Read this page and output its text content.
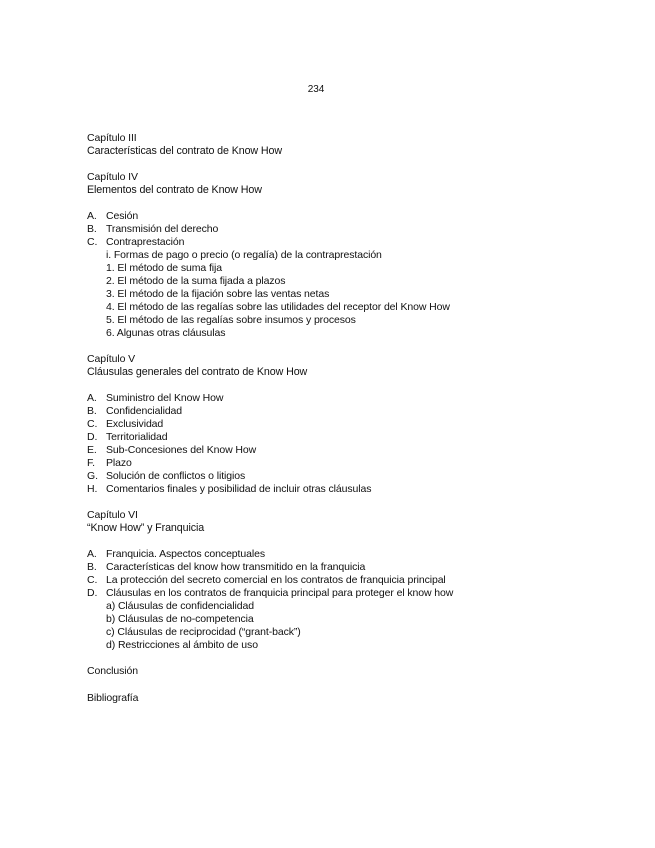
234
Capítulo III
Características del contrato de Know How
Capítulo IV
Elementos del contrato de Know How
A. Cesión
B. Transmisión del derecho
C. Contraprestación
i. Formas de pago o precio (o regalía) de la contraprestación
1. El método de suma fija
2. El método de la suma fijada a plazos
3. El método de la fijación sobre las ventas netas
4. El método de las regalías sobre las utilidades del receptor del Know How
5. El método de las regalías sobre insumos y procesos
6. Algunas otras cláusulas
Capítulo V
Cláusulas generales del contrato de Know How
A. Suministro del Know How
B. Confidencialidad
C. Exclusividad
D. Territorialidad
E. Sub-Concesiones del Know How
F. Plazo
G. Solución de conflictos o litigios
H. Comentarios finales y posibilidad de incluir otras cláusulas
Capítulo VI
“Know How” y Franquicia
A. Franquicia. Aspectos conceptuales
B. Características del know how transmitido en la franquicia
C. La protección del secreto comercial en los contratos de franquicia principal
D. Cláusulas en los contratos de franquicia principal para proteger el know how
a) Cláusulas de confidencialidad
b) Cláusulas de no-competencia
c) Cláusulas de reciprocidad (“grant-back”)
d) Restricciones al ámbito de uso
Conclusión
Bibliografía
